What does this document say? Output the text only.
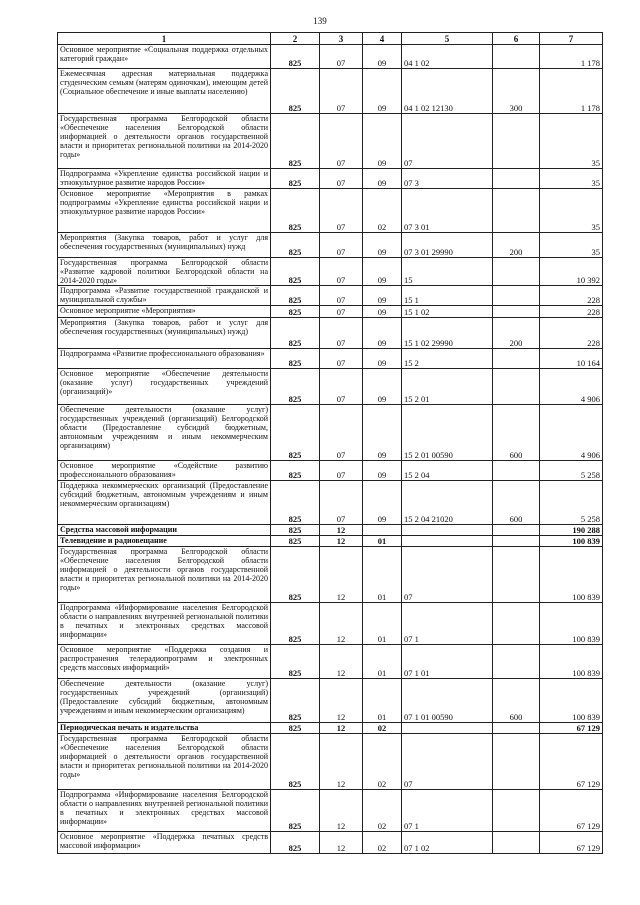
139
1	2	3	4	5	6	7
Основное мероприятие «Социальная поддержка отдельных категорий граждан»	825	07	09	04 1 02		1 178
Ежемесячная адресная материальная поддержка студенческим семьям (матерям одиночкам), имеющим детей (Социальное обеспечение и иные выплаты населению)	825	07	09	04 1 02 12130	300	1 178
Государственная программа Белгородской области «Обеспечение населения Белгородской области информацией о деятельности органов государственной власти и приоритетах региональной политики на 2014-2020 годы»	825	07	09	07		35
Подпрограмма «Укрепление единства российской нации и этнокультурное развитие народов России»	825	07	09	07 3		35
Основное мероприятие «Мероприятия в рамках подпрограммы «Укрепление единства российской нации и этнокультурное развитие народов России»	825	07	02	07 3 01		35
Мероприятия (Закупка товаров, работ и услуг для обеспечения государственных (муниципальных) нужд	825	07	09	07 3 01 29990	200	35
Государственная программа Белгородской области «Развитие кадровой политики Белгородской области на 2014-2020 годы»	825	07	09	15		10 392
Подпрограмма «Развитие государственной гражданской и муниципальной службы»	825	07	09	15 1		228
Основное мероприятие «Мероприятия»	825	07	09	15 1 02		228
Мероприятия (Закупка товаров, работ и услуг для обеспечения государственных (муниципальных) нужд)	825	07	09	15 1 02 29990	200	228
Подпрограмма «Развитие профессионального образования»	825	07	09	15 2		10 164
Основное мероприятие «Обеспечение деятельности (оказание услуг) государственных учреждений (организаций)»	825	07	09	15 2 01		4 906
Обеспечение деятельности (оказание услуг) государственных учреждений (организаций) Белгородской области (Предоставление субсидий бюджетным, автономным учреждениям и иным некоммерческим организациям)	825	07	09	15 2 01 00590	600	4 906
Основное мероприятие «Содействие развитию профессионального образования»	825	07	09	15 2 04		5 258
Поддержка некоммерческих организаций (Предоставление субсидий бюджетным, автономным учреждениям и иным некоммерческим организациям)	825	07	09	15 2 04 21020	600	5 258
Средства массовой информации	825	12				190 288
Телевидение и радиовещание	825	12	01			100 839
Государственная программа Белгородской области «Обеспечение населения Белгородской области информацией о деятельности органов государственной власти и приоритетах региональной политики на 2014-2020 годы»	825	12	01	07		100 839
Подпрограмма «Информирование населения Белгородской области о направлениях внутренней региональной политики в печатных и электронных средствах массовой информации»	825	12	01	07 1		100 839
Основное мероприятие «Поддержка создания и распространения телерадиопрограмм и электронных средств массовых информаций»	825	12	01	07 1 01		100 839
Обеспечение деятельности (оказание услуг) государственных учреждений (организаций) (Предоставление субсидий бюджетным, автономным учреждениям и иным некоммерческим организациям)	825	12	01	07 1 01 00590	600	100 839
Периодическая печать и издательства	825	12	02			67 129
Государственная программа Белгородской области «Обеспечение населения Белгородской области информацией о деятельности органов государственной власти и приоритетах региональной политики на 2014-2020 годы»	825	12	02	07		67 129
Подпрограмма «Информирование населения Белгородской области о направлениях внутренней региональной политики в печатных и электронных средствах массовой информации»	825	12	02	07 1		67 129
Основное мероприятие «Поддержка печатных средств массовой информации»	825	12	02	07 1 02		67 129
